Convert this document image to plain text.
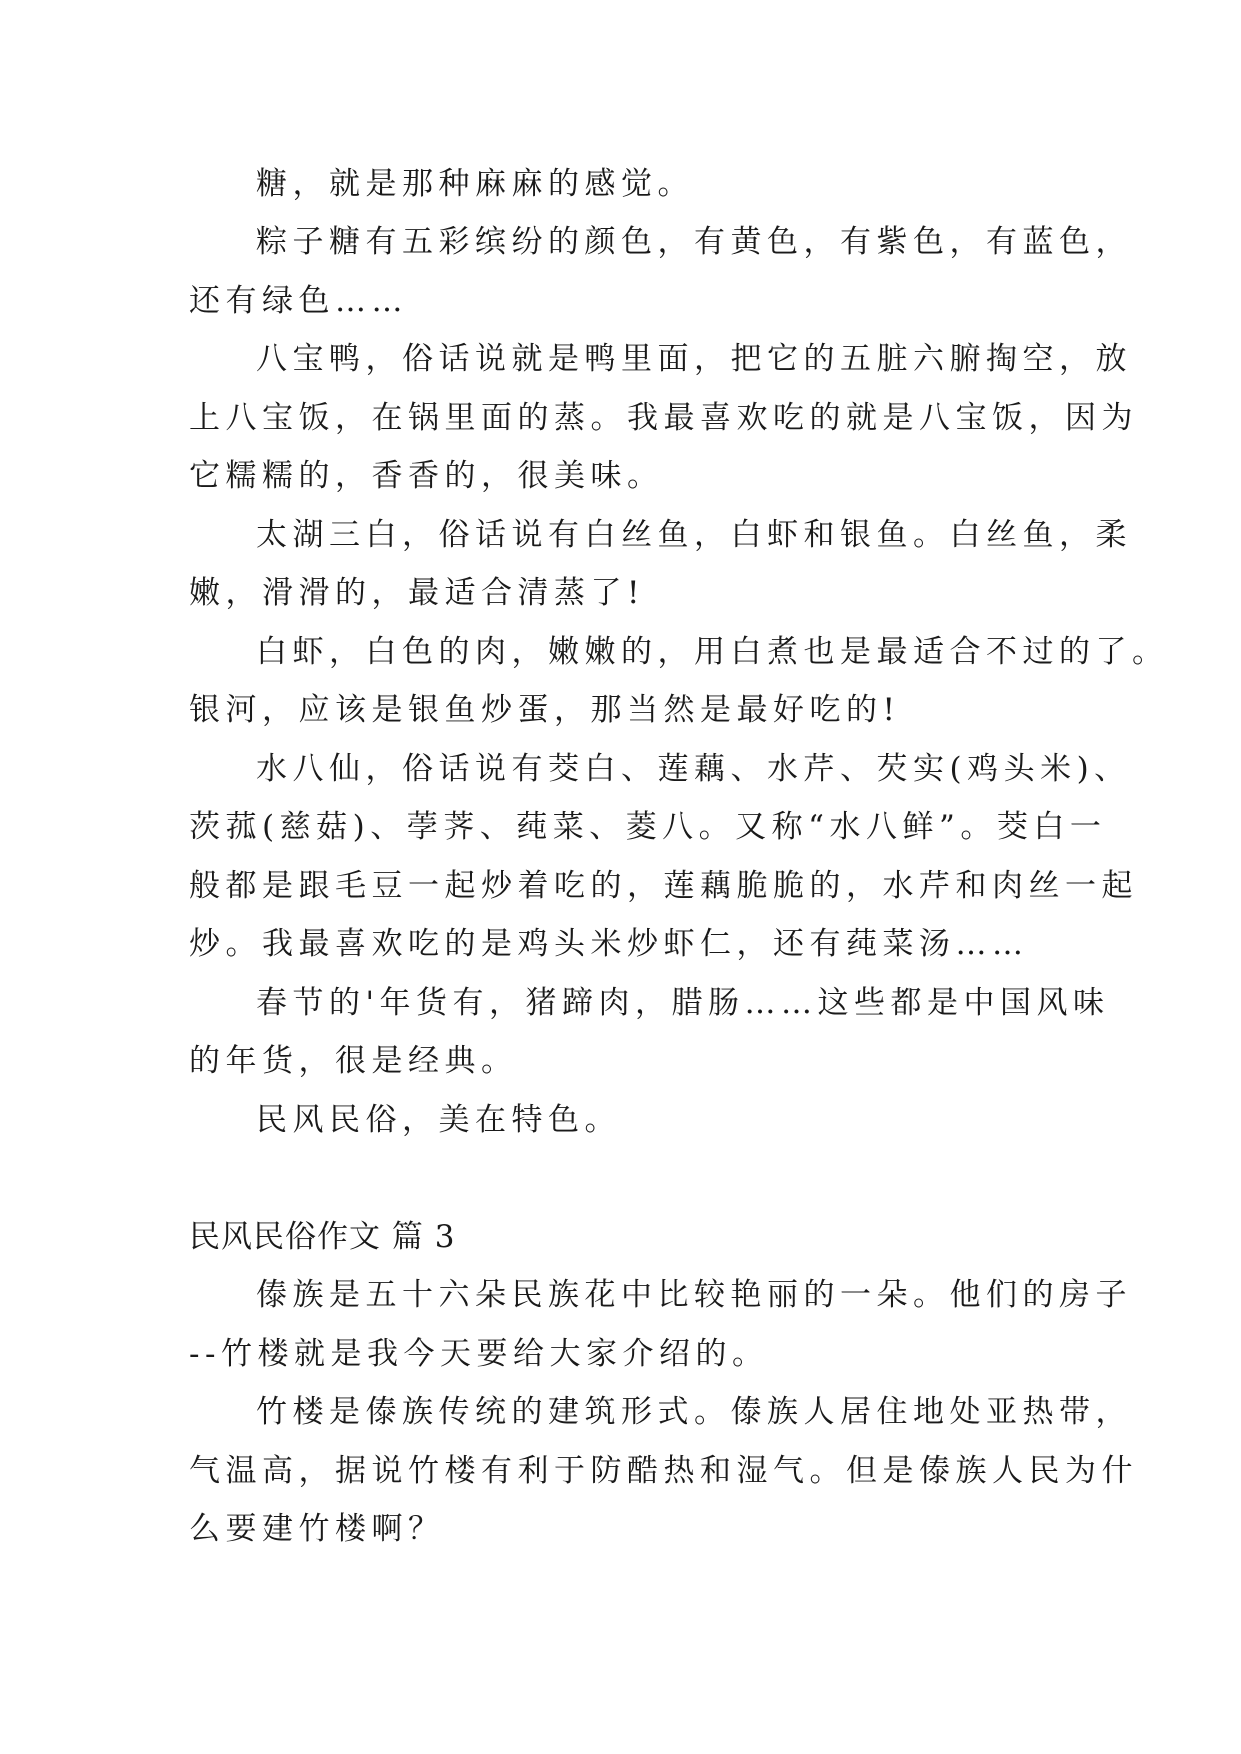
糖，就是那种麻麻的感觉。
粽子糖有五彩缤纷的颜色，有黄色，有紫色，有蓝色，
还有绿色……
八宝鸭，俗话说就是鸭里面，把它的五脏六腑掏空，放
上八宝饭，在锅里面的蒸。我最喜欢吃的就是八宝饭，因为
它糯糯的，香香的，很美味。
太湖三白，俗话说有白丝鱼，白虾和银鱼。白丝鱼，柔
嫩，滑滑的，最适合清蒸了!
白虾，白色的肉，嫩嫩的，用白煮也是最适合不过的了。
银河，应该是银鱼炒蛋，那当然是最好吃的!
水八仙，俗话说有茭白、莲藕、水芹、芡实(鸡头米)、
茨菰(慈菇)、荸荠、莼菜、菱八。又称“水八鲜”。茭白一
般都是跟毛豆一起炒着吃的，莲藕脆脆的，水芹和肉丝一起
炒。我最喜欢吃的是鸡头米炒虾仁，还有莼菜汤……
春节的'年货有，猪蹄肉，腊肠……这些都是中国风味
的年货，很是经典。
民风民俗，美在特色。
民风民俗作文 篇 3
傣族是五十六朵民族花中比较艳丽的一朵。他们的房子
--竹楼就是我今天要给大家介绍的。
竹楼是傣族传统的建筑形式。傣族人居住地处亚热带，
气温高，据说竹楼有利于防酷热和湿气。但是傣族人民为什
么要建竹楼啊？
